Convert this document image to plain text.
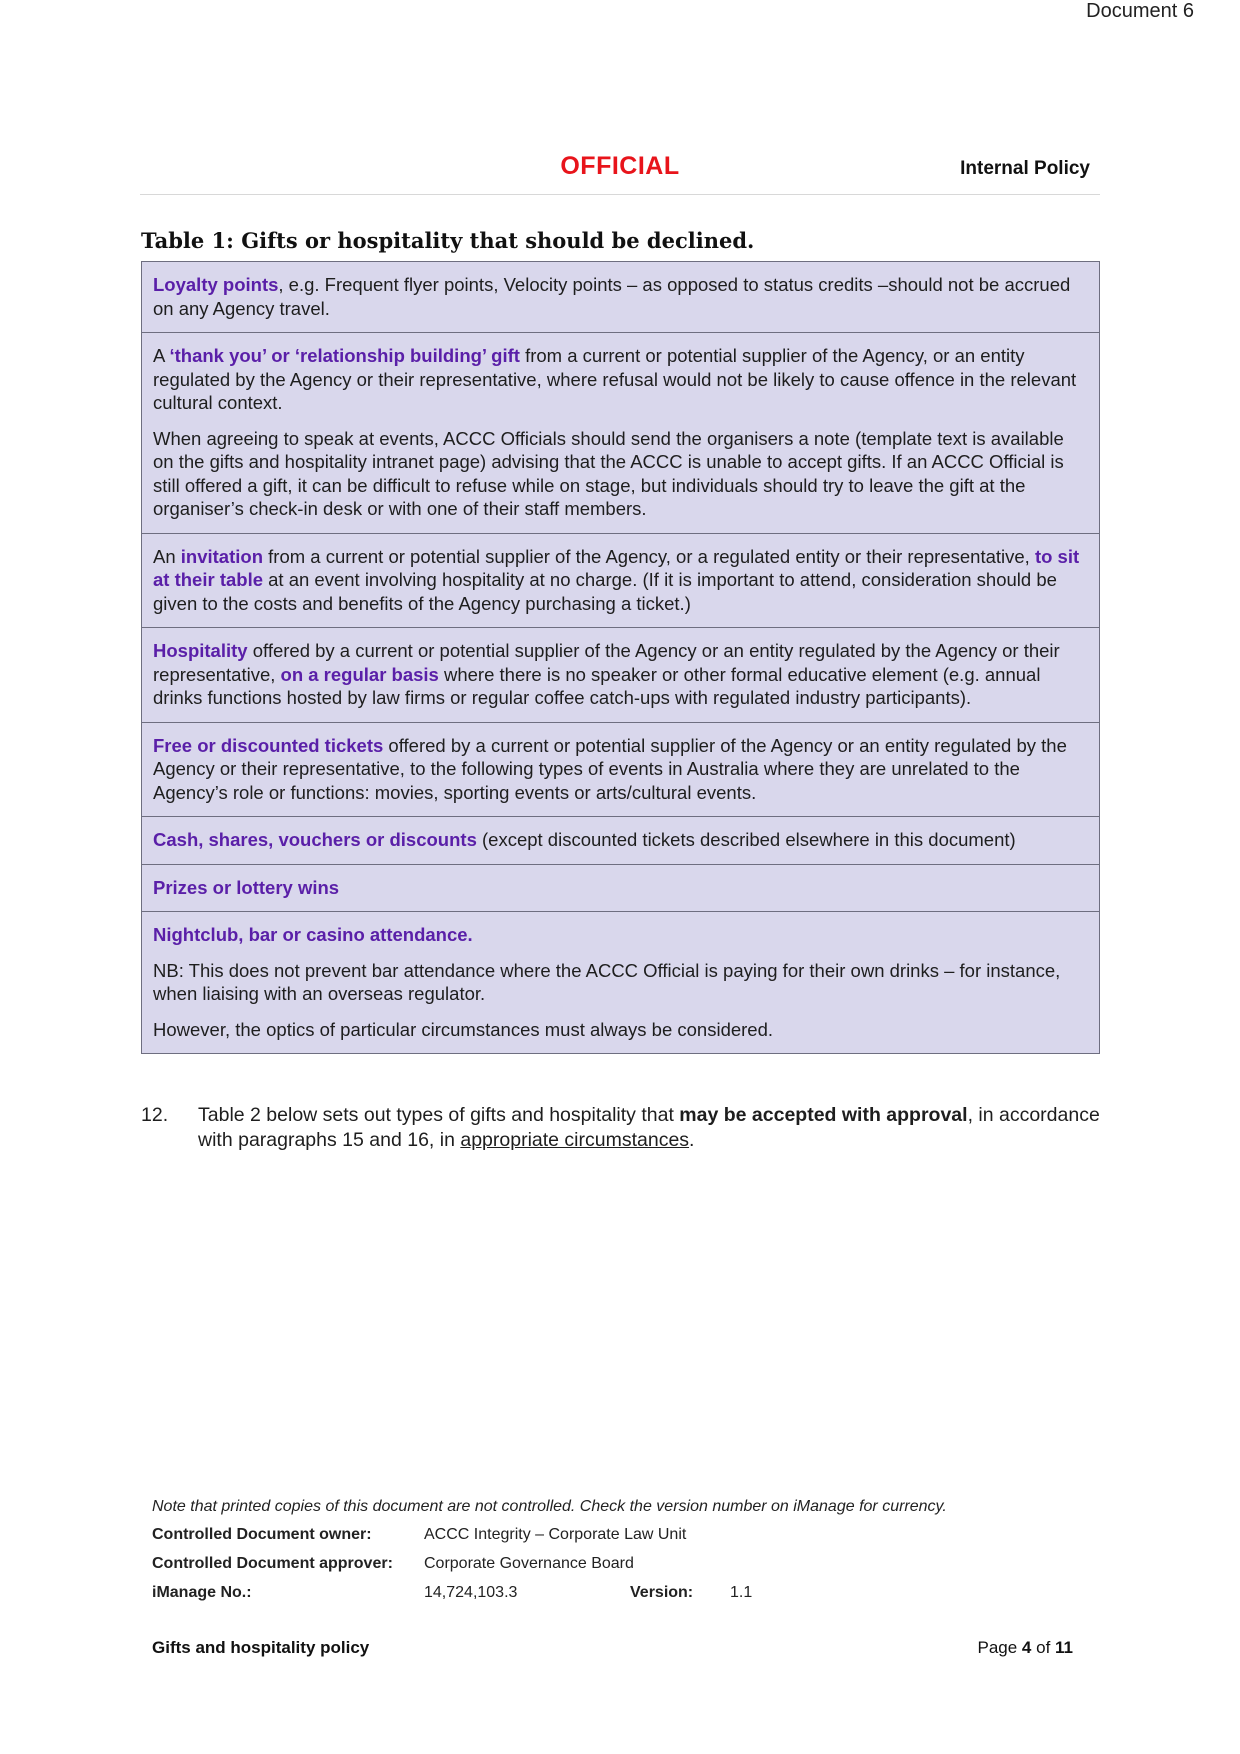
Document 6
OFFICIAL	Internal Policy
Table 1: Gifts or hospitality that should be declined.

Loyalty points, e.g. Frequent flyer points, Velocity points – as opposed to status credits –should not be accrued on any Agency travel.

A ‘thank you’ or ‘relationship building’ gift from a current or potential supplier of the Agency, or an entity regulated by the Agency or their representative, where refusal would not be likely to cause offence in the relevant cultural context.

When agreeing to speak at events, ACCC Officials should send the organisers a note (template text is available on the gifts and hospitality intranet page) advising that the ACCC is unable to accept gifts. If an ACCC Official is still offered a gift, it can be difficult to refuse while on stage, but individuals should try to leave the gift at the organiser’s check-in desk or with one of their staff members.

An invitation from a current or potential supplier of the Agency, or a regulated entity or their representative, to sit at their table at an event involving hospitality at no charge. (If it is important to attend, consideration should be given to the costs and benefits of the Agency purchasing a ticket.)

Hospitality offered by a current or potential supplier of the Agency or an entity regulated by the Agency or their representative, on a regular basis where there is no speaker or other formal educative element (e.g. annual drinks functions hosted by law firms or regular coffee catch-ups with regulated industry participants).

Free or discounted tickets offered by a current or potential supplier of the Agency or an entity regulated by the Agency or their representative, to the following types of events in Australia where they are unrelated to the Agency’s role or functions: movies, sporting events or arts/cultural events.

Cash, shares, vouchers or discounts (except discounted tickets described elsewhere in this document)

Prizes or lottery wins

Nightclub, bar or casino attendance.

NB: This does not prevent bar attendance where the ACCC Official is paying for their own drinks – for instance, when liaising with an overseas regulator.

However, the optics of particular circumstances must always be considered.

12. Table 2 below sets out types of gifts and hospitality that may be accepted with approval, in accordance with paragraphs 15 and 16, in appropriate circumstances.
Note that printed copies of this document are not controlled. Check the version number on iManage for currency.
Controlled Document owner:	ACCC Integrity – Corporate Law Unit
Controlled Document approver: Corporate Governance Board
iManage No.:	14,724,103.3	Version: 1.1
Gifts and hospitality policy	Page 4 of 11
